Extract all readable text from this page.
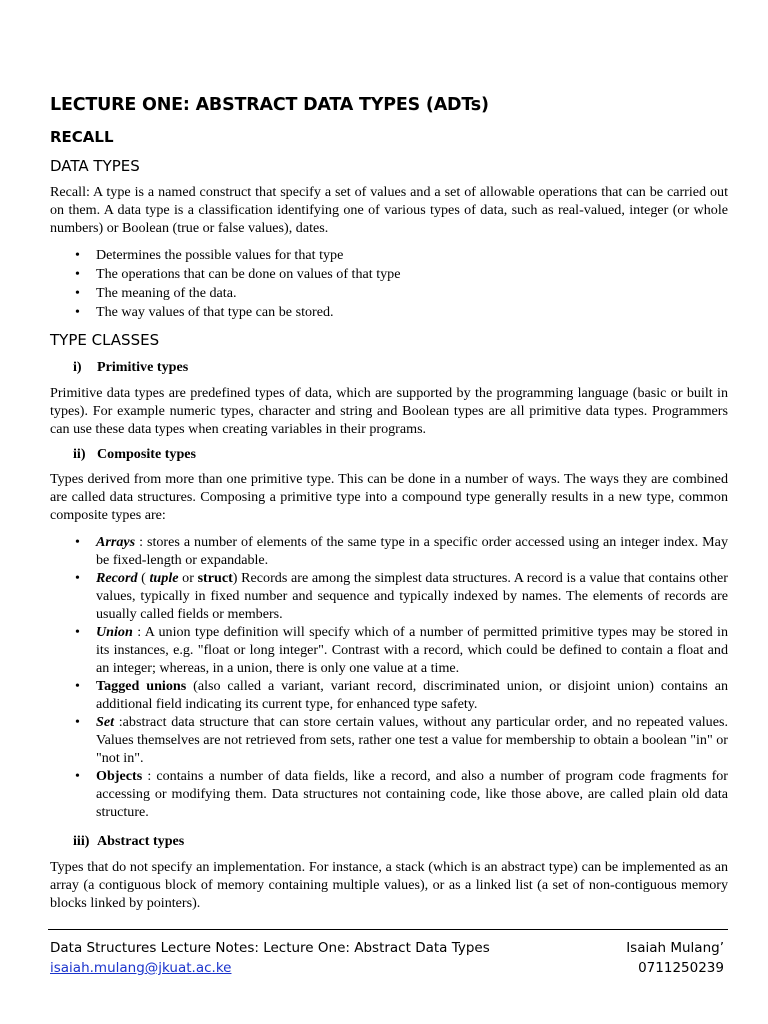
LECTURE ONE: ABSTRACT DATA TYPES (ADTs)
RECALL
DATA TYPES
Recall: A type is a named construct that specify a set of values and a set of allowable operations that can be carried out on them. A data type is a classification identifying one of various types of data, such as real-valued, integer (or whole numbers) or Boolean (true or false values), dates.
• Determines the possible values for that type
• The operations that can be done on values of that type
• The meaning of the data.
• The way values of that type can be stored.
TYPE CLASSES
i) Primitive types
Primitive data types are predefined types of data, which are supported by the programming language (basic or built in types). For example numeric types, character and string and Boolean types are all primitive data types. Programmers can use these data types when creating variables in their programs.
ii) Composite types
Types derived from more than one primitive type. This can be done in a number of ways. The ways they are combined are called data structures. Composing a primitive type into a compound type generally results in a new type, common composite types are:
• Arrays : stores a number of elements of the same type in a specific order accessed using an integer index. May be fixed-length or expandable.
• Record ( tuple or struct) Records are among the simplest data structures. A record is a value that contains other values, typically in fixed number and sequence and typically indexed by names. The elements of records are usually called fields or members.
• Union : A union type definition will specify which of a number of permitted primitive types may be stored in its instances, e.g. "float or long integer". Contrast with a record, which could be defined to contain a float and an integer; whereas, in a union, there is only one value at a time.
• Tagged unions (also called a variant, variant record, discriminated union, or disjoint union) contains an additional field indicating its current type, for enhanced type safety.
• Set :abstract data structure that can store certain values, without any particular order, and no repeated values. Values themselves are not retrieved from sets, rather one test a value for membership to obtain a boolean "in" or "not in".
• Objects : contains a number of data fields, like a record, and also a number of program code fragments for accessing or modifying them. Data structures not containing code, like those above, are called plain old data structure.
iii) Abstract types
Types that do not specify an implementation. For instance, a stack (which is an abstract type) can be implemented as an array (a contiguous block of memory containing multiple values), or as a linked list (a set of non-contiguous memory blocks linked by pointers).
Data Structures Lecture Notes: Lecture One: Abstract Data Types
isaiah.mulang@jkuat.ac.ke
Isaiah Mulang’
0711250239
